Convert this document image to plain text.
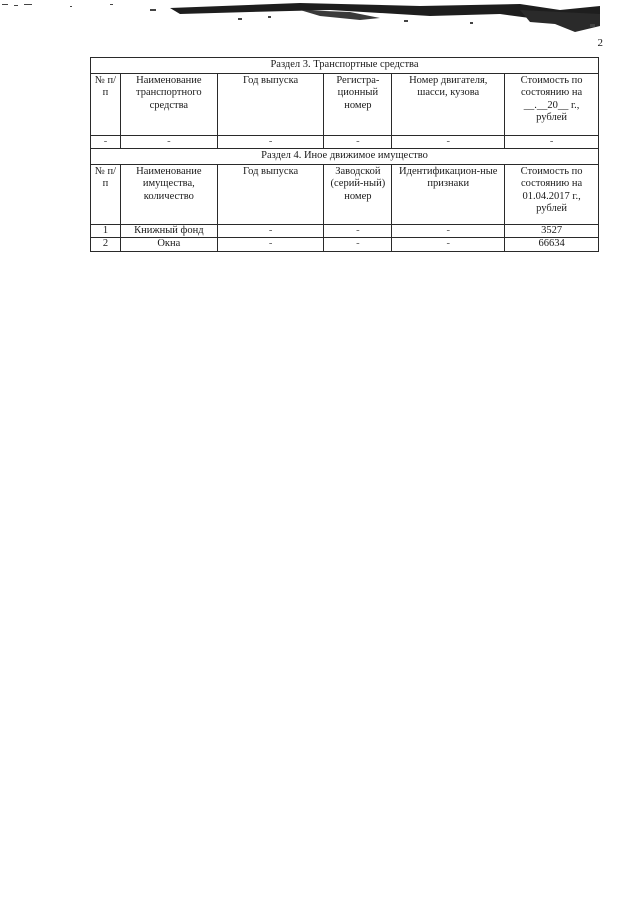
2
Раздел 3. Транспортные средства					
№ п/п	Наименование транспортного средства	Год выпуска	Регистра-ционный номер	Номер двигателя, шасси, кузова	Стоимость по состоянию на __.__20__ г., рублей
-	-	-	-	-	-
Раздел 4. Иное движимое имущество					
№ п/п	Наименование имущества, количество	Год выпуска	Заводской (серий-ный) номер	Идентификацион-ные признаки	Стоимость по состоянию на 01.04.2017 г., рублей
1	Книжный фонд	-	-	-	3527
2	Окна	-	-	-	66634
